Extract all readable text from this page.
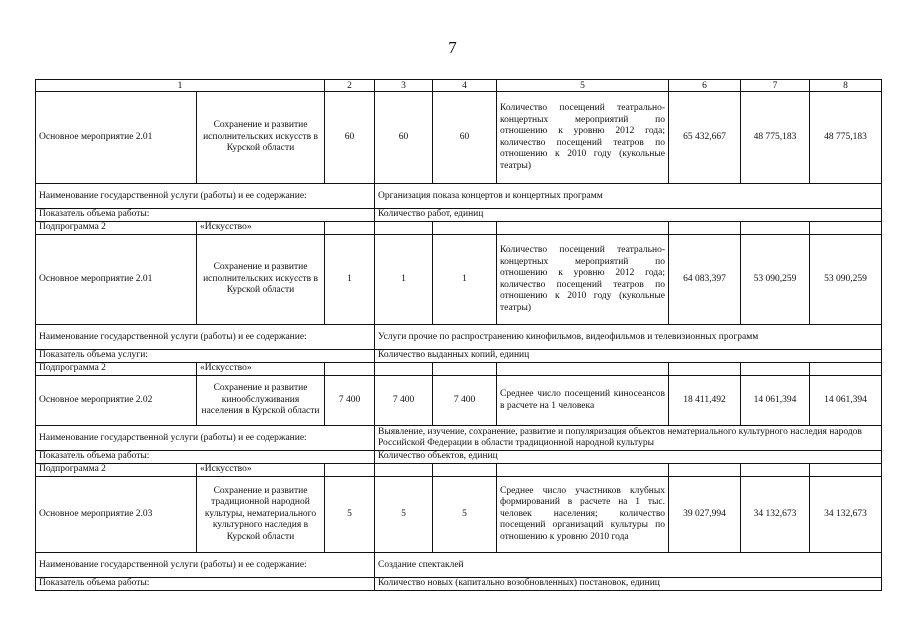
7
1		2	3	4	5	6	7	8
Основное мероприятие 2.01	Сохранение и развитие исполнительских искусств в Курской области	60	60	60	Количество посещений театрально-концертных мероприятий по отношению к уровню 2012 года; количество посещений театров по отношению к 2010 году (кукольные театры)	65 432,667	48 775,183	48 775,183
Наименование государственной услуги (работы) и ее содержание:			Организация показа концертов и концертных программ					
Показатель объема работы:			Количество работ, единиц					
Подпрограмма 2	«Искусство»							
Основное мероприятие 2.01	Сохранение и развитие исполнительских искусств в Курской области	1	1	1	Количество посещений театрально-концертных мероприятий по отношению к уровню 2012 года; количество посещений театров по отношению к 2010 году (кукольные театры)	64 083,397	53 090,259	53 090,259
Наименование государственной услуги (работы) и ее содержание:			Услуги прочие по распространению кинофильмов, видеофильмов и телевизионных программ					
Показатель объема услуги:			Количество выданных копий, единиц					
Подпрограмма 2	«Искусство»							
Основное мероприятие 2.02	Сохранение и развитие кинообслуживания населения в Курской области	7 400	7 400	7 400	Среднее число посещений киносеансов в расчете на 1 человека	18 411,492	14 061,394	14 061,394
Наименование государственной услуги (работы) и ее содержание:			Выявление, изучение, сохранение, развитие и популяризация объектов нематериального культурного наследия народов Российской Федерации в области традиционной народной культуры					
Показатель объема работы:			Количество объектов, единиц					
Подпрограмма 2	«Искусство»							
Основное мероприятие 2.03	Сохранение и развитие традиционной народной культуры, нематериального культурного наследия в Курской области	5	5	5	Среднее число участников клубных формирований в расчете на 1 тыс. человек населения; количество посещений организаций культуры по отношению к уровню 2010 года	39 027,994	34 132,673	34 132,673
Наименование государственной услуги (работы) и ее содержание:			Создание спектаклей					
Показатель объема работы:			Количество новых (капитально возобновленных) постановок, единиц					
